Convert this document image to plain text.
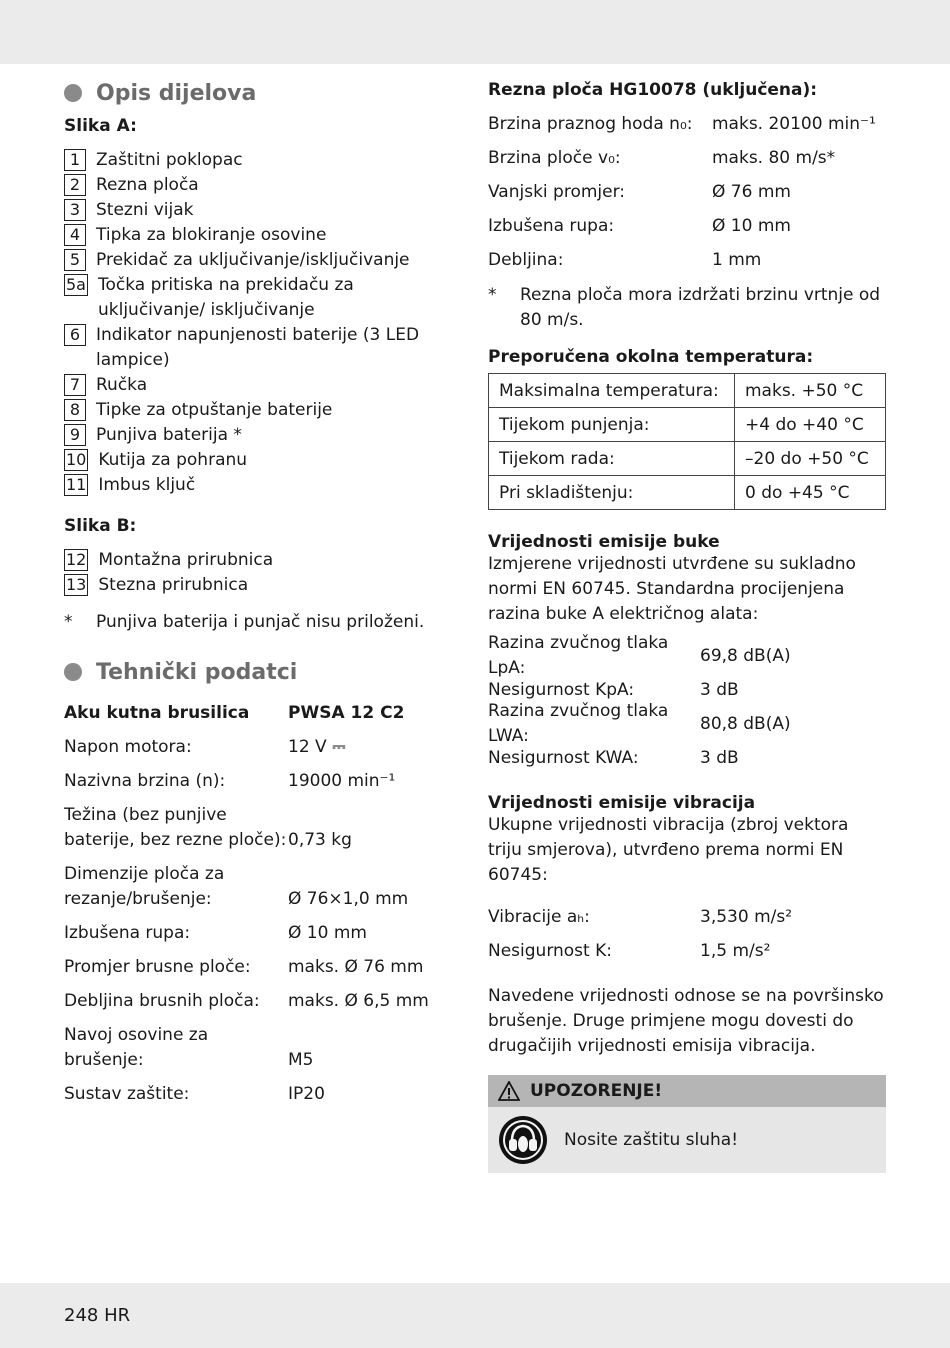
Opis dijelova
Slika A:
1 Zaštitni poklopac
2 Rezna ploča
3 Stezni vijak
4 Tipka za blokiranje osovine
5 Prekidač za uključivanje/isključivanje
5a Točka pritiska na prekidaču za uključivanje/ isključivanje
6 Indikator napunjenosti baterije (3 LED lampice)
7 Ručka
8 Tipke za otpuštanje baterije
9 Punjiva baterija *
10 Kutija za pohranu
11 Imbus ključ
Slika B:
12 Montažna prirubnica
13 Stezna prirubnica
*	Punjiva baterija i punjač nisu priloženi.
Tehnički podatci
Aku kutna brusilica	PWSA 12 C2
Napon motora:	12 V ⎓
Nazivna brzina (n):	19000 min⁻¹
Težina (bez punjive baterije, bez rezne ploče): 0,73 kg
Dimenzije ploča za rezanje/brušenje:	Ø 76×1,0 mm
Izbušena rupa:	Ø 10 mm
Promjer brusne ploče:	maks. Ø 76 mm
Debljina brusnih ploča:	maks. Ø 6,5 mm
Navoj osovine za brušenje:	M5
Sustav zaštite:	IP20
Rezna ploča HG10078 (uključena):
Brzina praznog hoda n₀:	maks. 20100 min⁻¹
Brzina ploče v₀:	maks. 80 m/s*
Vanjski promjer:	Ø 76 mm
Izbušena rupa:	Ø 10 mm
Debljina:	1 mm
*	Rezna ploča mora izdržati brzinu vrtnje od 80 m/s.
Preporučena okolna temperatura:
Maksimalna temperatura:	maks. +50 °C
Tijekom punjenja:	+4 do +40 °C
Tijekom rada:	–20 do +50 °C
Pri skladištenju:	0 do +45 °C
Vrijednosti emisije buke
Izmjerene vrijednosti utvrđene su sukladno normi EN 60745. Standardna procijenjena razina buke A električnog alata:
Razina zvučnog tlaka LpA:
69,8 dB(A)
Nesigurnost KpA:	3 dB
Razina zvučnog tlaka LWA:
80,8 dB(A)
Nesigurnost KWA:	3 dB
Vrijednosti emisije vibracija
Ukupne vrijednosti vibracija (zbroj vektora triju smjerova), utvrđeno prema normi EN 60745:
Vibracije aₕ:	3,530 m/s²
Nesigurnost K:	1,5 m/s²
Navedene vrijednosti odnose se na površinsko brušenje. Druge primjene mogu dovesti do drugačijih vrijednosti emisija vibracija.
UPOZORENJE!
Nosite zaštitu sluha!
248 HR
